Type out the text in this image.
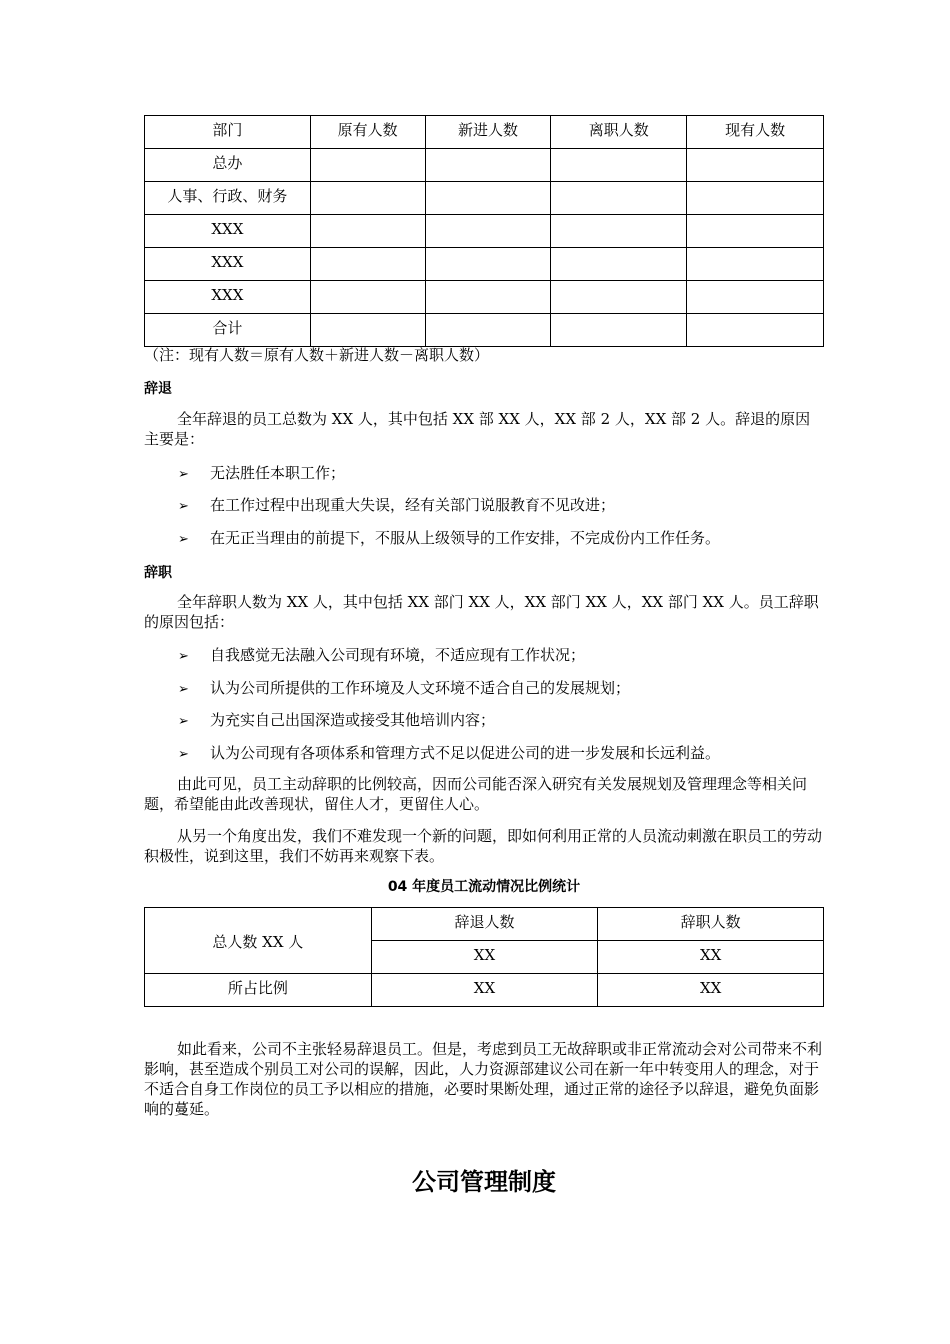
部门	原有人数	新进人数	离职人数	现有人数
总办				
人事、行政、财务				
XXX				
XXX				
XXX				
合计				
（注：现有人数＝原有人数＋新进人数－离职人数）
辞退
全年辞退的员工总数为 XX 人，其中包括 XX 部 XX 人，XX 部 2 人，XX 部 2 人。辞退的原因主要是：
➢ 无法胜任本职工作；
➢ 在工作过程中出现重大失误，经有关部门说服教育不见改进；
➢ 在无正当理由的前提下，不服从上级领导的工作安排，不完成份内工作任务。
辞职
全年辞职人数为 XX 人，其中包括 XX 部门 XX 人，XX 部门 XX 人，XX 部门 XX 人。员工辞职的原因包括：
➢ 自我感觉无法融入公司现有环境，不适应现有工作状况；
➢ 认为公司所提供的工作环境及人文环境不适合自己的发展规划；
➢ 为充实自己出国深造或接受其他培训内容；
➢ 认为公司现有各项体系和管理方式不足以促进公司的进一步发展和长远利益。
由此可见，员工主动辞职的比例较高，因而公司能否深入研究有关发展规划及管理理念等相关问题，希望能由此改善现状，留住人才，更留住人心。
从另一个角度出发，我们不难发现一个新的问题，即如何利用正常的人员流动刺激在职员工的劳动积极性，说到这里，我们不妨再来观察下表。
04 年度员工流动情况比例统计
总人数 XX 人	辞退人数	辞职人数
	XX	XX
所占比例	XX	XX
如此看来，公司不主张轻易辞退员工。但是，考虑到员工无故辞职或非正常流动会对公司带来不利影响，甚至造成个别员工对公司的误解，因此，人力资源部建议公司在新一年中转变用人的理念，对于不适合自身工作岗位的员工予以相应的措施，必要时果断处理，通过正常的途径予以辞退，避免负面影响的蔓延。
公司管理制度
